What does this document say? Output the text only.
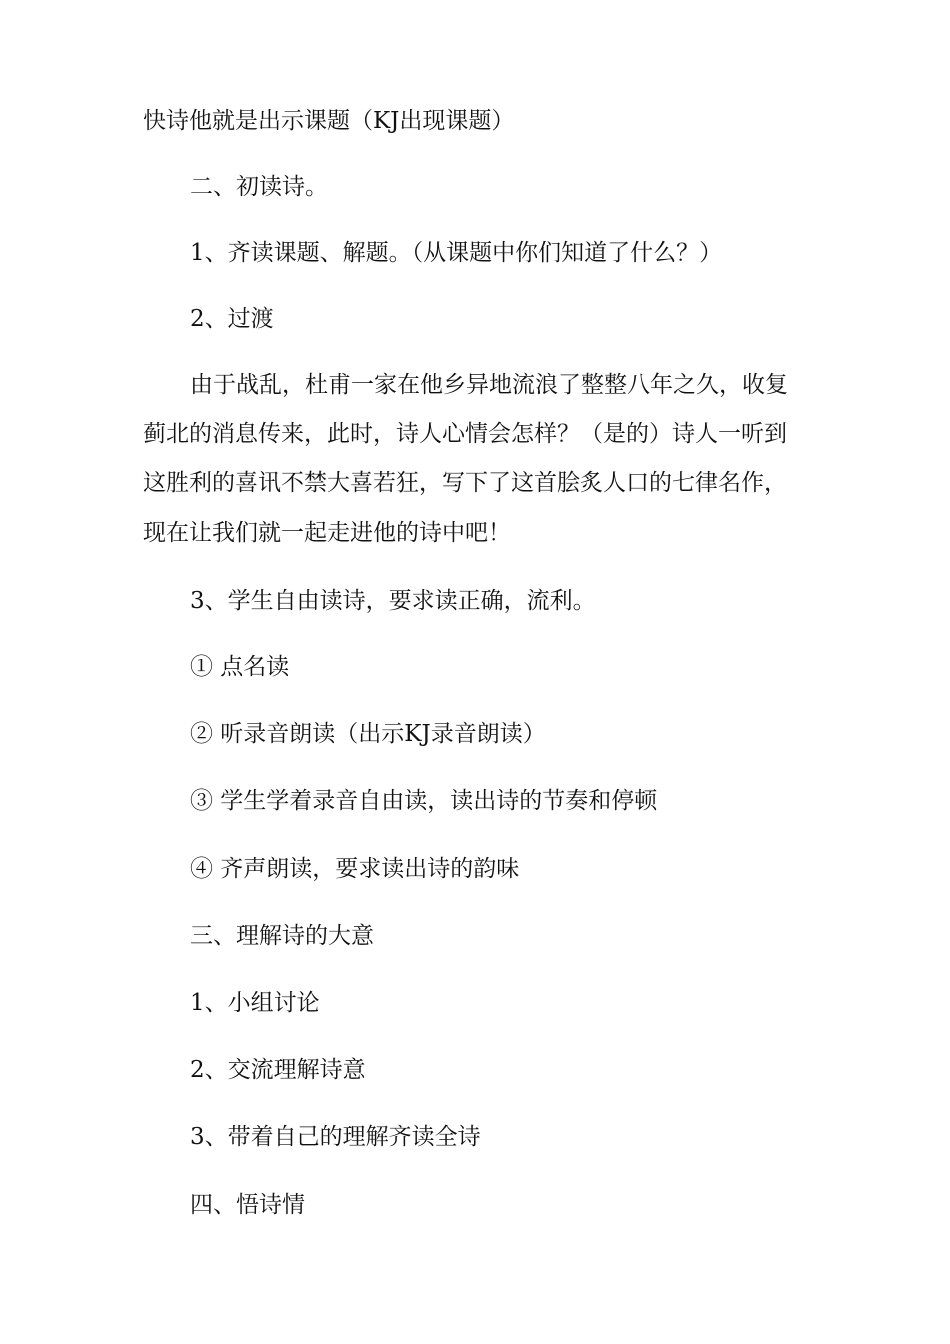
快诗他就是出示课题（KJ出现课题）

二、初读诗。

1、齐读课题、解题。（从课题中你们知道了什么？）

2、过渡

由于战乱，杜甫一家在他乡异地流浪了整整八年之久，收复

蓟北的消息传来，此时，诗人心情会怎样？（是的）诗人一听到

这胜利的喜讯不禁大喜若狂，写下了这首脍炙人口的七律名作，

现在让我们就一起走进他的诗中吧！

3、学生自由读诗，要求读正确，流利。

① 点名读

② 听录音朗读（出示KJ录音朗读）

③ 学生学着录音自由读，读出诗的节奏和停顿

④ 齐声朗读，要求读出诗的韵味

三、理解诗的大意

1、小组讨论

2、交流理解诗意

3、带着自己的理解齐读全诗

四、悟诗情
